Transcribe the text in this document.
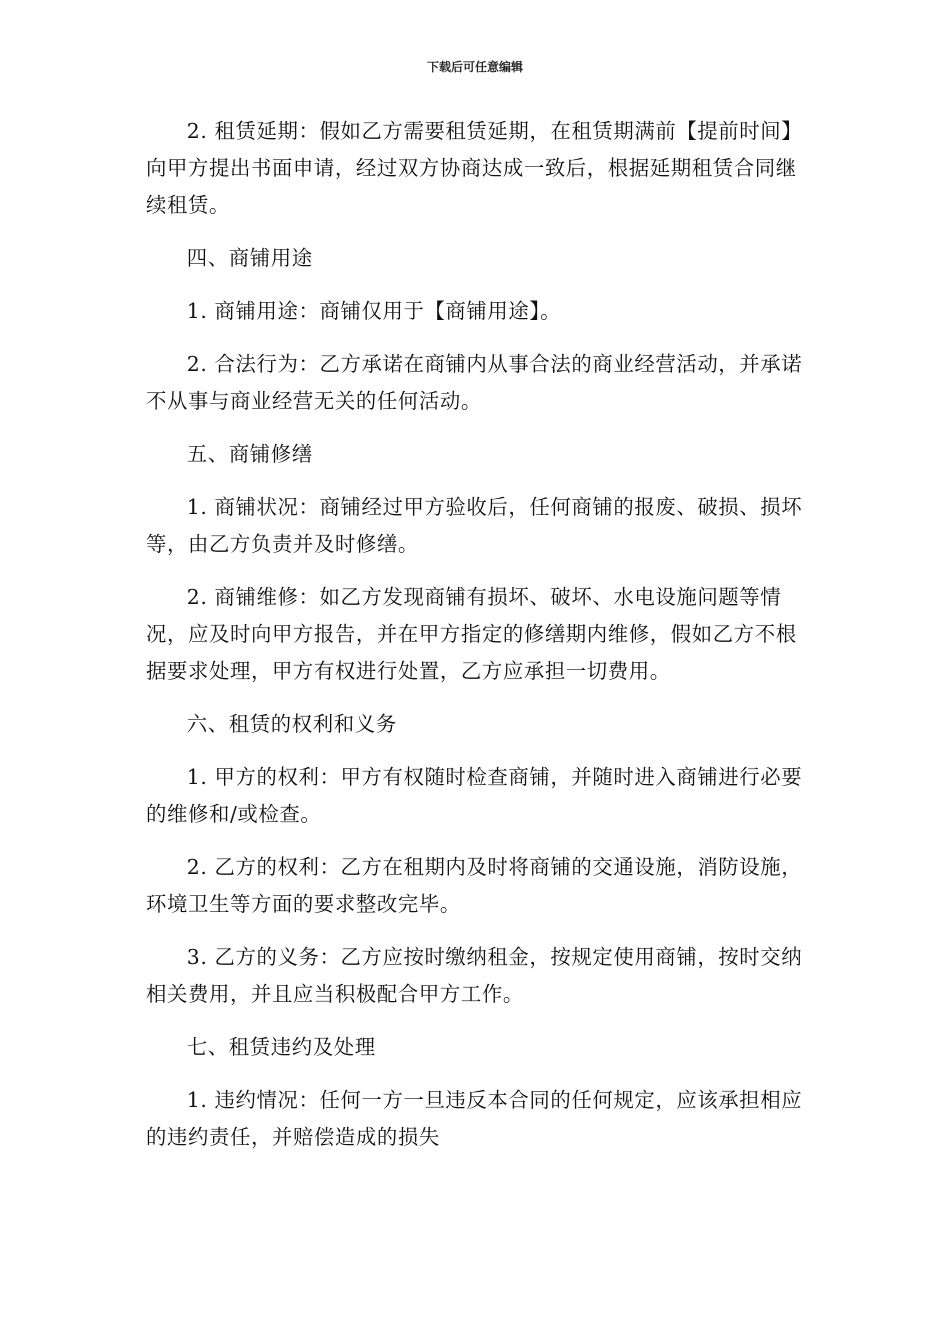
下载后可任意编辑

2. 租赁延期：假如乙方需要租赁延期，在租赁期满前【提前时间】向甲方提出书面申请，经过双方协商达成一致后，根据延期租赁合同继续租赁。

四、商铺用途

1. 商铺用途：商铺仅用于【商铺用途】。

2. 合法行为：乙方承诺在商铺内从事合法的商业经营活动，并承诺不从事与商业经营无关的任何活动。

五、商铺修缮

1. 商铺状况：商铺经过甲方验收后，任何商铺的报废、破损、损坏等，由乙方负责并及时修缮。

2. 商铺维修：如乙方发现商铺有损坏、破坏、水电设施问题等情况，应及时向甲方报告，并在甲方指定的修缮期内维修，假如乙方不根据要求处理，甲方有权进行处置，乙方应承担一切费用。

六、租赁的权利和义务

1. 甲方的权利：甲方有权随时检查商铺，并随时进入商铺进行必要的维修和/或检查。

2. 乙方的权利：乙方在租期内及时将商铺的交通设施，消防设施，环境卫生等方面的要求整改完毕。

3. 乙方的义务：乙方应按时缴纳租金，按规定使用商铺，按时交纳相关费用，并且应当积极配合甲方工作。

七、租赁违约及处理

1. 违约情况：任何一方一旦违反本合同的任何规定，应该承担相应的违约责任，并赔偿造成的损失
